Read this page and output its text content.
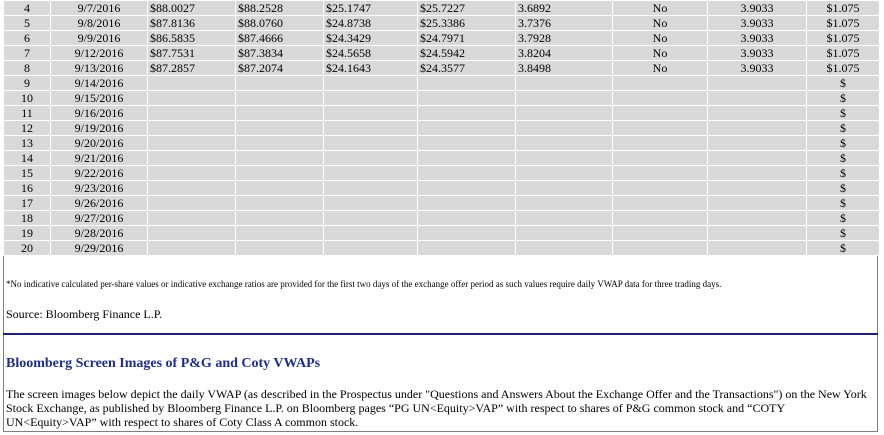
4	9/7/2016	$88.0027	$88.2528	$25.1747	$25.7227	3.6892	No	3.9033	$1.075
5	9/8/2016	$87.8136	$88.0760	$24.8738	$25.3386	3.7376	No	3.9033	$1.075
6	9/9/2016	$86.5835	$87.4666	$24.3429	$24.7971	3.7928	No	3.9033	$1.075
7	9/12/2016	$87.7531	$87.3834	$24.5658	$24.5942	3.8204	No	3.9033	$1.075
8	9/13/2016	$87.2857	$87.2074	$24.1643	$24.3577	3.8498	No	3.9033	$1.075
9	9/14/2016								$
10	9/15/2016								$
11	9/16/2016								$
12	9/19/2016								$
13	9/20/2016								$
14	9/21/2016								$
15	9/22/2016								$
16	9/23/2016								$
17	9/26/2016								$
18	9/27/2016								$
19	9/28/2016								$
20	9/29/2016								$
*No indicative calculated per-share values or indicative exchange ratios are provided for the first two days of the exchange offer period as such values require daily VWAP data for three trading days.
Source: Bloomberg Finance L.P.
Bloomberg Screen Images of P&G and Coty VWAPs
The screen images below depict the daily VWAP (as described in the Prospectus under "Questions and Answers About the Exchange Offer and the Transactions") on the New York Stock Exchange, as published by Bloomberg Finance L.P. on Bloomberg pages “PG UN<Equity>VAP” with respect to shares of P&G common stock and “COTY UN<Equity>VAP” with respect to shares of Coty Class A common stock.
